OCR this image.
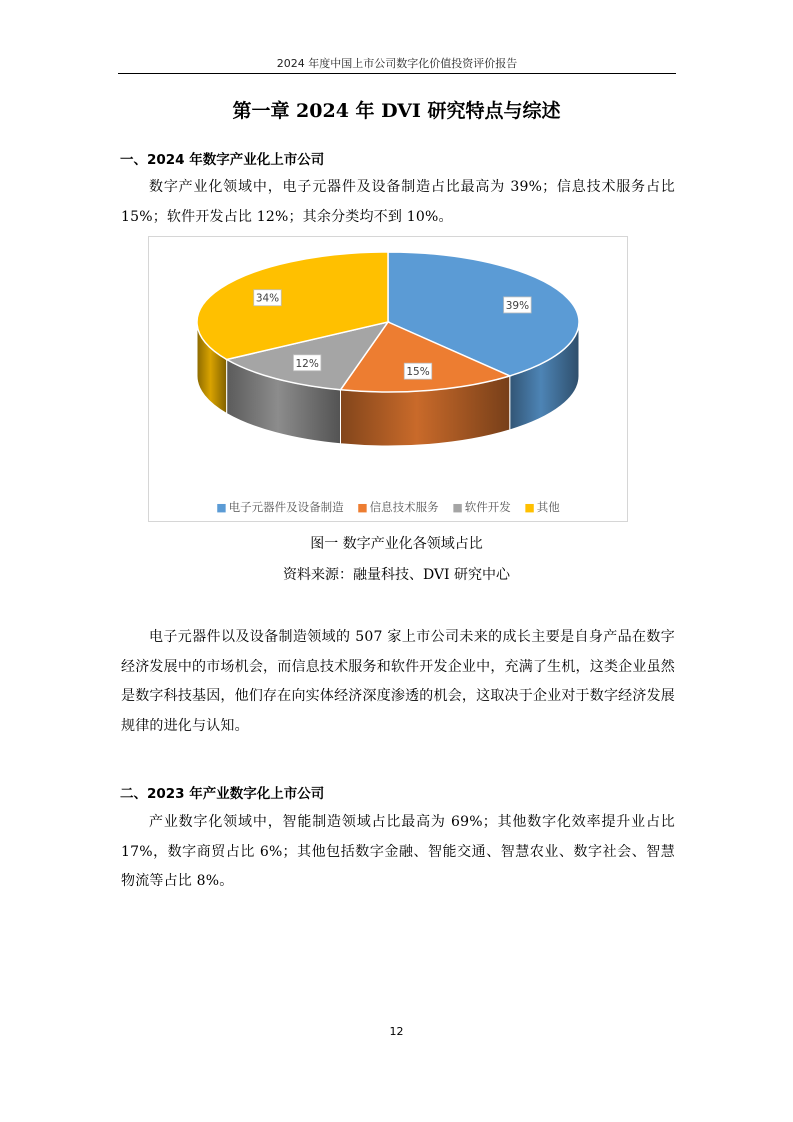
2024 年度中国上市公司数字化价值投资评价报告
第一章 2024 年 DVI 研究特点与综述
一、2024 年数字产业化上市公司

数字产业化领域中，电子元器件及设备制造占比最高为 39%；信息技术服务占比 15%；软件开发占比 12%；其余分类均不到 10%。

39%
15%
12%
34%
■ 电子元器件及设备制造 ■ 信息技术服务 ■ 软件开发 ■ 其他
图一 数字产业化各领域占比
资料来源：融量科技、DVI 研究中心

电子元器件以及设备制造领域的 507 家上市公司未来的成长主要是自身产品在数字经济发展中的市场机会，而信息技术服务和软件开发企业中，充满了生机，这类企业虽然是数字科技基因，他们存在向实体经济深度渗透的机会，这取决于企业对于数字经济发展规律的进化与认知。

二、2023 年产业数字化上市公司

产业数字化领域中，智能制造领域占比最高为 69%；其他数字化效率提升业占比 17%，数字商贸占比 6%；其他包括数字金融、智能交通、智慧农业、数字社会、智慧物流等占比 8%。

12
